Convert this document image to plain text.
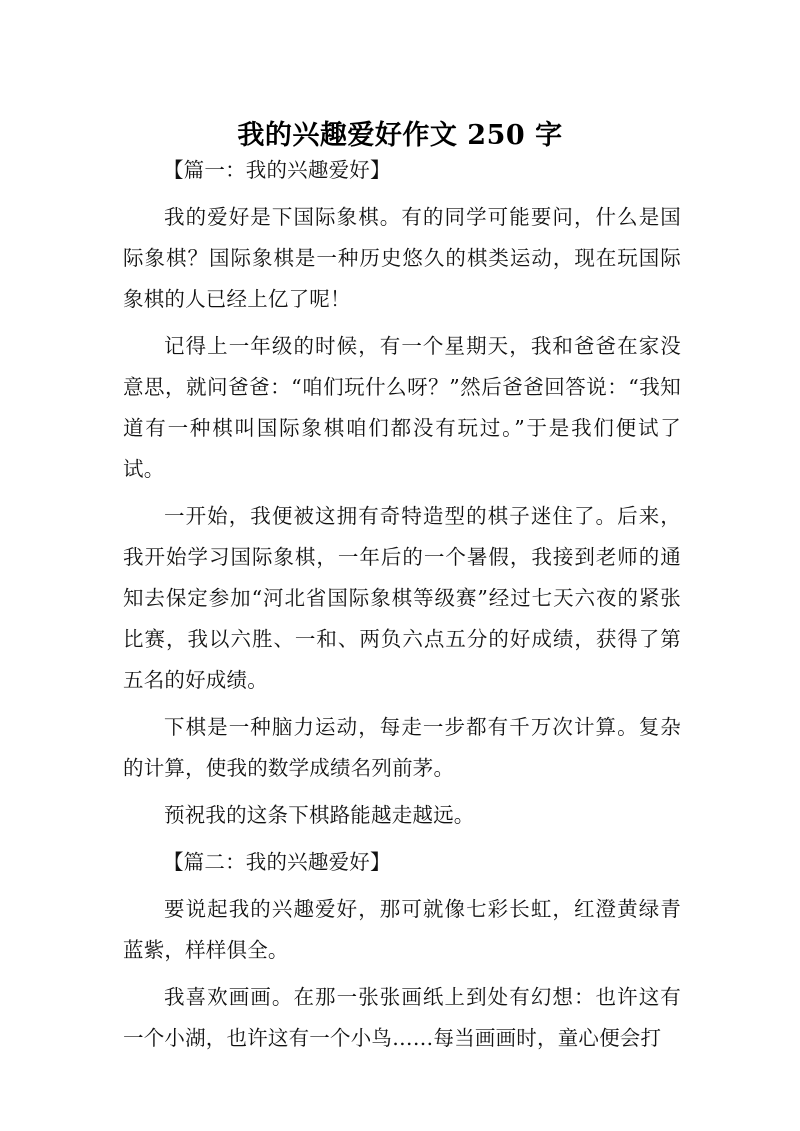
我的兴趣爱好作文 250 字

【篇一：我的兴趣爱好】

我的爱好是下国际象棋。有的同学可能要问，什么是国际象棋？国际象棋是一种历史悠久的棋类运动，现在玩国际象棋的人已经上亿了呢！

记得上一年级的时候，有一个星期天，我和爸爸在家没意思，就问爸爸：“咱们玩什么呀？”然后爸爸回答说：“我知道有一种棋叫国际象棋咱们都没有玩过。”于是我们便试了试。

一开始，我便被这拥有奇特造型的棋子迷住了。后来，我开始学习国际象棋，一年后的一个暑假，我接到老师的通知去保定参加“河北省国际象棋等级赛”经过七天六夜的紧张比赛，我以六胜、一和、两负六点五分的好成绩，获得了第五名的好成绩。

下棋是一种脑力运动，每走一步都有千万次计算。复杂的计算，使我的数学成绩名列前茅。

预祝我的这条下棋路能越走越远。

【篇二：我的兴趣爱好】

要说起我的兴趣爱好，那可就像七彩长虹，红澄黄绿青蓝紫，样样俱全。

我喜欢画画。在那一张张画纸上到处有幻想：也许这有一个小湖，也许这有一个小鸟……每当画画时，童心便会打
